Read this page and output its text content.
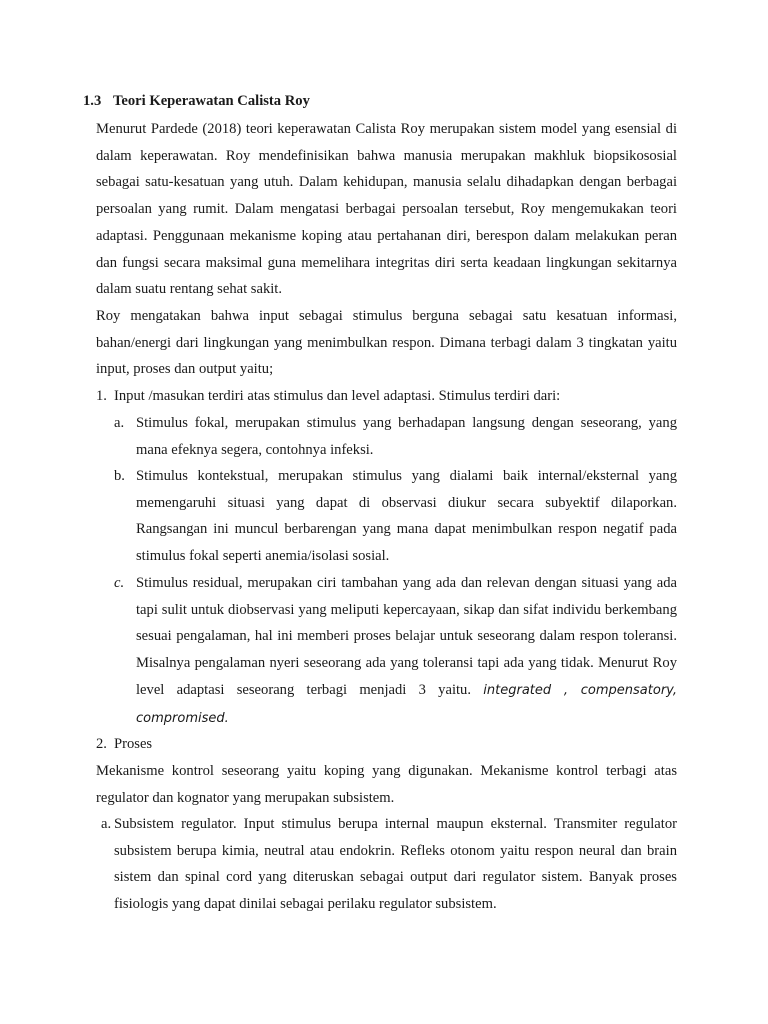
1.3 Teori Keperawatan Calista Roy
Menurut Pardede (2018) teori keperawatan Calista Roy merupakan sistem model yang esensial di dalam keperawatan. Roy mendefinisikan bahwa manusia merupakan makhluk biopsikososial sebagai satu-kesatuan yang utuh. Dalam kehidupan, manusia selalu dihadapkan dengan berbagai persoalan yang rumit. Dalam mengatasi berbagai persoalan tersebut, Roy mengemukakan teori adaptasi. Penggunaan mekanisme koping atau pertahanan diri, berespon dalam melakukan peran dan fungsi secara maksimal guna memelihara integritas diri serta keadaan lingkungan sekitarnya dalam suatu rentang sehat sakit.
Roy mengatakan bahwa input sebagai stimulus berguna sebagai satu kesatuan informasi, bahan/energi dari lingkungan yang menimbulkan respon. Dimana terbagi dalam 3 tingkatan yaitu input, proses dan output yaitu;
1. Input /masukan terdiri atas stimulus dan level adaptasi. Stimulus terdiri dari:
a. Stimulus fokal, merupakan stimulus yang berhadapan langsung dengan seseorang, yang mana efeknya segera, contohnya infeksi.
b. Stimulus kontekstual, merupakan stimulus yang dialami baik internal/eksternal yang memengaruhi situasi yang dapat di observasi diukur secara subyektif dilaporkan. Rangsangan ini muncul berbarengan yang mana dapat menimbulkan respon negatif pada stimulus fokal seperti anemia/isolasi sosial.
c. Stimulus residual, merupakan ciri tambahan yang ada dan relevan dengan situasi yang ada tapi sulit untuk diobservasi yang meliputi kepercayaan, sikap dan sifat individu berkembang sesuai pengalaman, hal ini memberi proses belajar untuk seseorang dalam respon toleransi. Misalnya pengalaman nyeri seseorang ada yang toleransi tapi ada yang tidak. Menurut Roy level adaptasi seseorang terbagi menjadi 3 yaitu. integrated , compensatory, compromised.
2. Proses
Mekanisme kontrol seseorang yaitu koping yang digunakan. Mekanisme kontrol terbagi atas regulator dan kognator yang merupakan subsistem.
a. Subsistem regulator. Input stimulus berupa internal maupun eksternal. Transmiter regulator subsistem berupa kimia, neutral atau endokrin. Refleks otonom yaitu respon neural dan brain sistem dan spinal cord yang diteruskan sebagai output dari regulator sistem. Banyak proses fisiologis yang dapat dinilai sebagai perilaku regulator subsistem.
